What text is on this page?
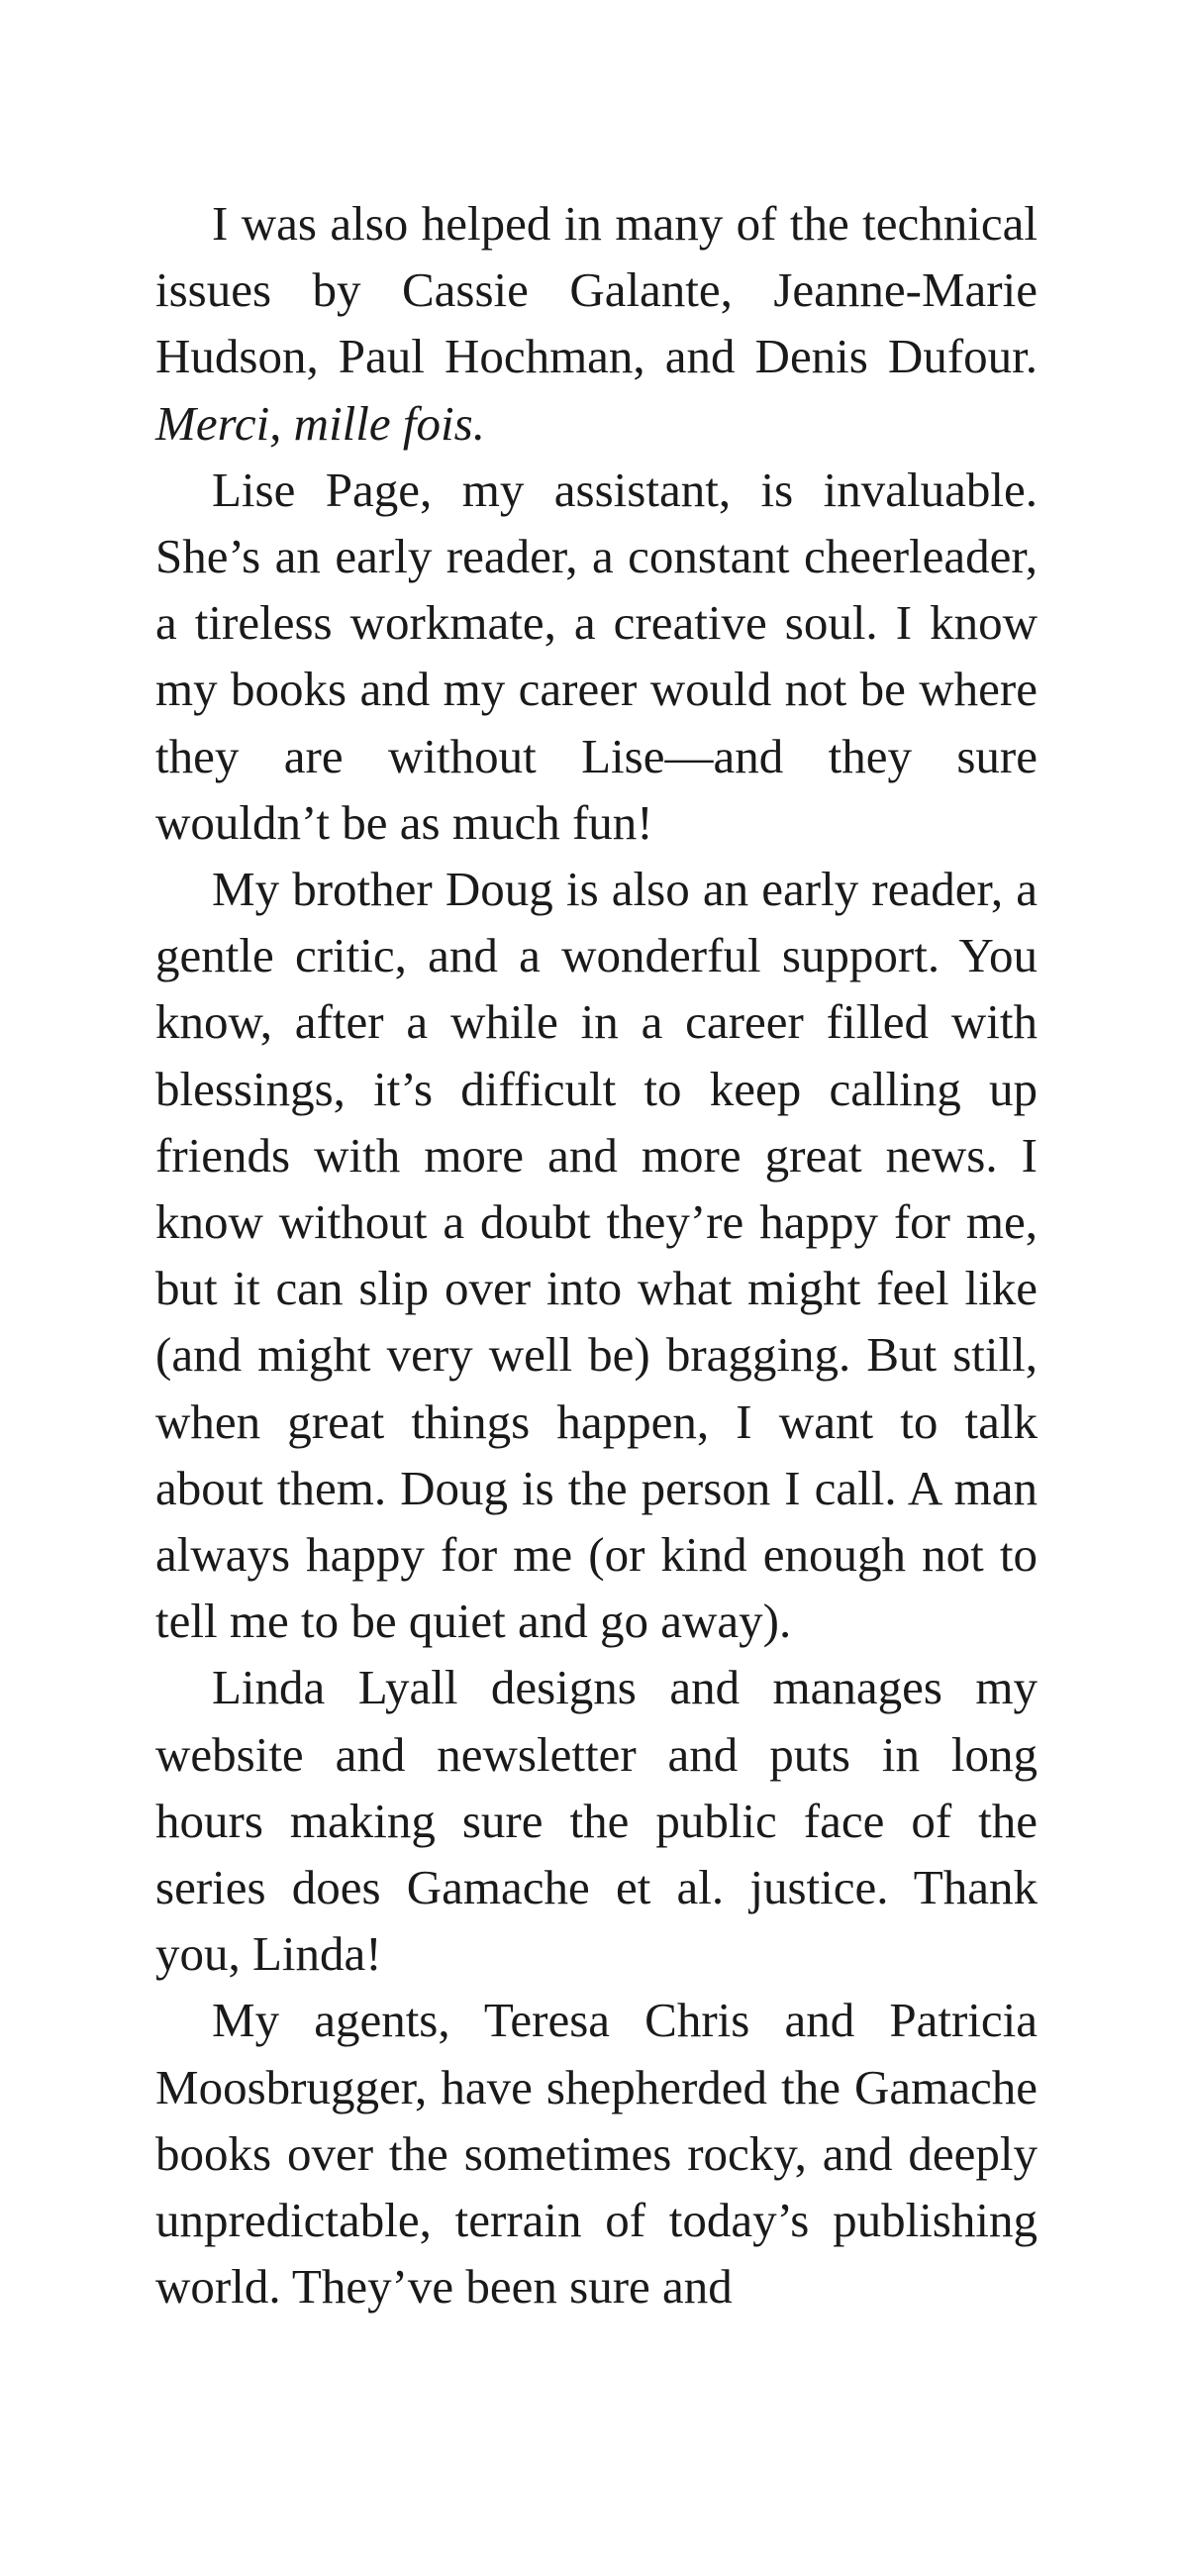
I was also helped in many of the technical issues by Cassie Galante, Jeanne-Marie Hudson, Paul Hochman, and Denis Dufour. Merci, mille fois.

Lise Page, my assistant, is invaluable. She’s an early reader, a constant cheerleader, a tireless workmate, a creative soul. I know my books and my career would not be where they are without Lise—and they sure wouldn’t be as much fun!

My brother Doug is also an early reader, a gentle critic, and a wonderful support. You know, after a while in a career filled with blessings, it’s difficult to keep calling up friends with more and more great news. I know without a doubt they’re happy for me, but it can slip over into what might feel like (and might very well be) bragging. But still, when great things happen, I want to talk about them. Doug is the person I call. A man always happy for me (or kind enough not to tell me to be quiet and go away).

Linda Lyall designs and manages my website and newsletter and puts in long hours making sure the public face of the series does Gamache et al. justice. Thank you, Linda!

My agents, Teresa Chris and Patricia Moosbrugger, have shepherded the Gamache books over the sometimes rocky, and deeply unpredictable, terrain of today’s publishing world. They’ve been sure and
